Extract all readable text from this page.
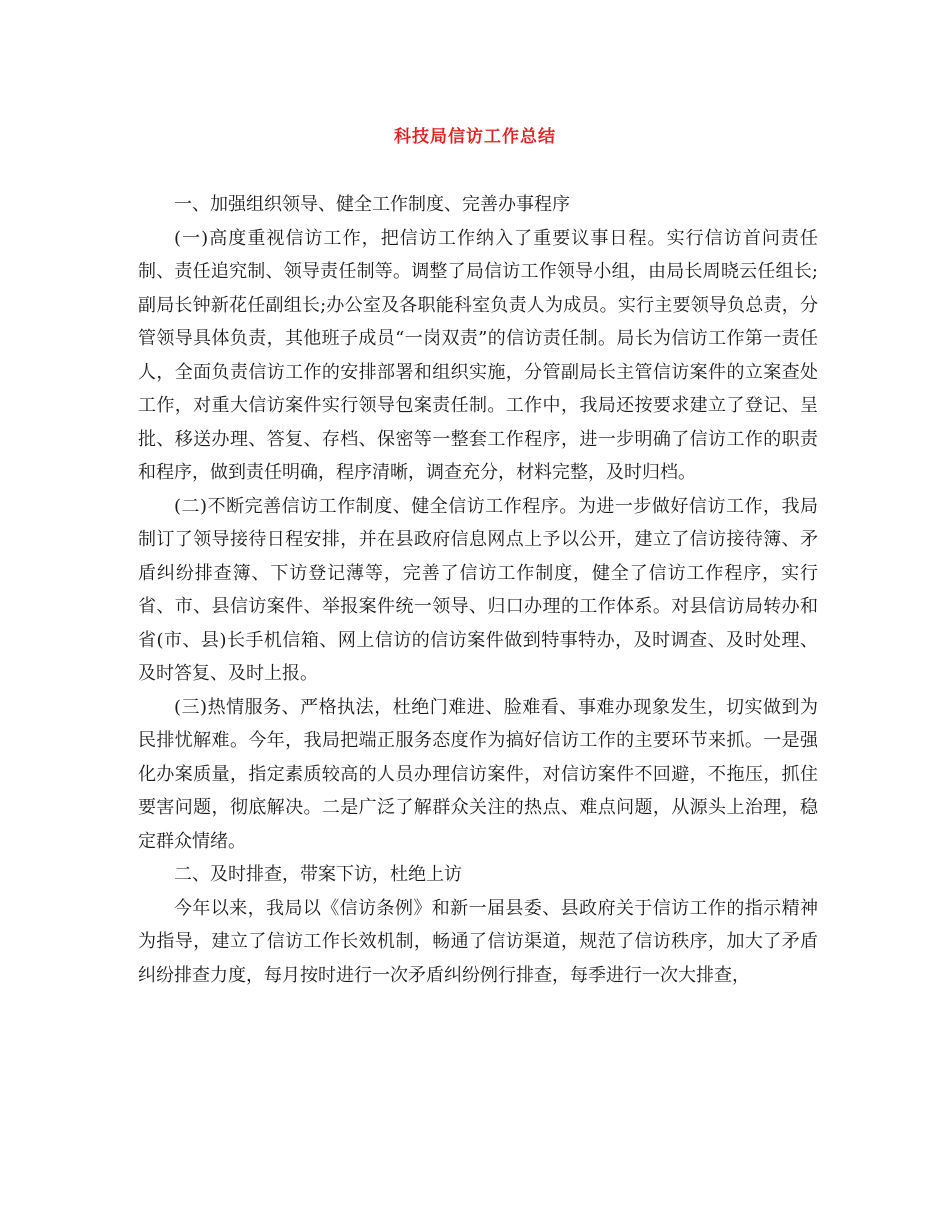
科技局信访工作总结

一、加强组织领导、健全工作制度、完善办事程序

(一)高度重视信访工作，把信访工作纳入了重要议事日程。实行信访首问责任制、责任追究制、领导责任制等。调整了局信访工作领导小组，由局长周晓云任组长;副局长钟新花任副组长;办公室及各职能科室负责人为成员。实行主要领导负总责，分管领导具体负责，其他班子成员“一岗双责”的信访责任制。局长为信访工作第一责任人，全面负责信访工作的安排部署和组织实施，分管副局长主管信访案件的立案查处工作，对重大信访案件实行领导包案责任制。工作中，我局还按要求建立了登记、呈批、移送办理、答复、存档、保密等一整套工作程序，进一步明确了信访工作的职责和程序，做到责任明确，程序清晰，调查充分，材料完整，及时归档。

(二)不断完善信访工作制度、健全信访工作程序。为进一步做好信访工作，我局制订了领导接待日程安排，并在县政府信息网点上予以公开，建立了信访接待簿、矛盾纠纷排查簿、下访登记薄等，完善了信访工作制度，健全了信访工作程序，实行省、市、县信访案件、举报案件统一领导、归口办理的工作体系。对县信访局转办和省(市、县)长手机信箱、网上信访的信访案件做到特事特办，及时调查、及时处理、及时答复、及时上报。

(三)热情服务、严格执法，杜绝门难进、脸难看、事难办现象发生，切实做到为民排忧解难。今年，我局把端正服务态度作为搞好信访工作的主要环节来抓。一是强化办案质量，指定素质较高的人员办理信访案件，对信访案件不回避，不拖压，抓住要害问题，彻底解决。二是广泛了解群众关注的热点、难点问题，从源头上治理，稳定群众情绪。

二、及时排查，带案下访，杜绝上访

今年以来，我局以《信访条例》和新一届县委、县政府关于信访工作的指示精神为指导，建立了信访工作长效机制，畅通了信访渠道，规范了信访秩序，加大了矛盾纠纷排查力度，每月按时进行一次矛盾纠纷例行排查，每季进行一次大排查，
